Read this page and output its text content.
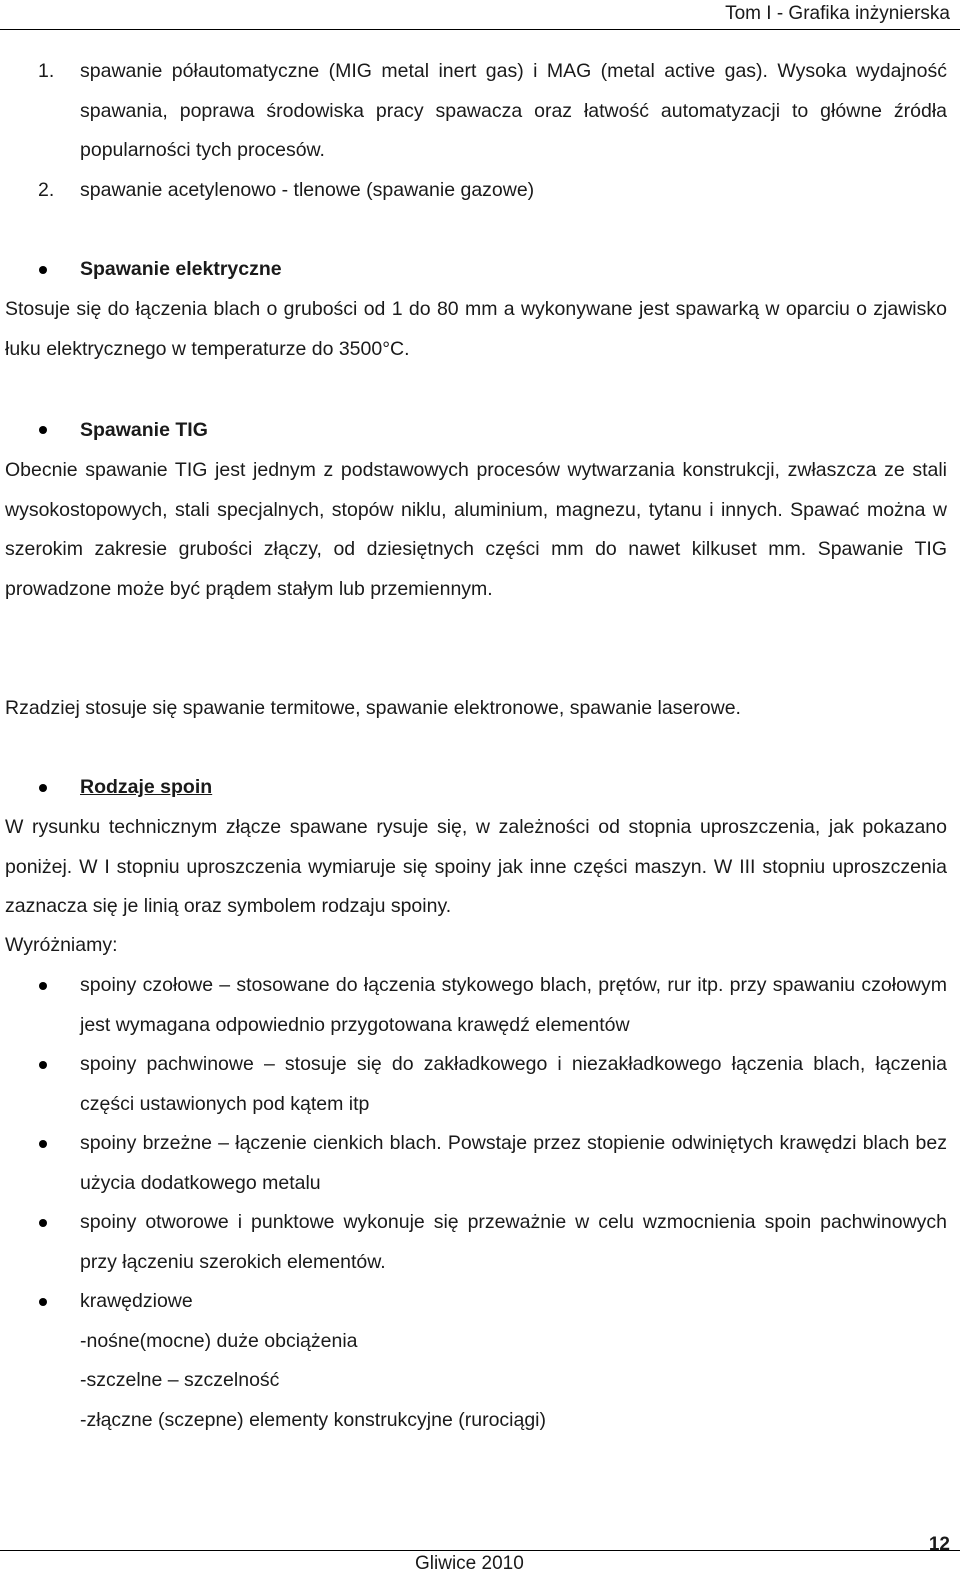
Tom I - Grafika inżynierska
1. spawanie półautomatyczne (MIG metal inert gas) i MAG (metal active gas). Wysoka wydajność spawania, poprawa środowiska pracy spawacza oraz łatwość automatyzacji to główne źródła popularności tych procesów.

2. spawanie acetylenowo - tlenowe (spawanie gazowe)

Spawanie elektryczne

Stosuje się do łączenia blach o grubości od 1 do 80 mm a wykonywane jest spawarką w oparciu o zjawisko łuku elektrycznego w temperaturze do 3500°C.

Spawanie TIG

Obecnie spawanie TIG jest jednym z podstawowych procesów wytwarzania konstrukcji, zwłaszcza ze stali wysokostopowych, stali specjalnych, stopów niklu, aluminium, magnezu, tytanu i innych. Spawać można w szerokim zakresie grubości złączy, od dziesiętnych części mm do nawet kilkuset mm. Spawanie TIG prowadzone może być prądem stałym lub przemiennym.

Rzadziej stosuje się spawanie termitowe, spawanie elektronowe, spawanie laserowe.

Rodzaje spoin

W rysunku technicznym złącze spawane rysuje się, w zależności od stopnia uproszczenia, jak pokazano poniżej. W I stopniu uproszczenia wymiaruje się spoiny jak inne części maszyn. W III stopniu uproszczenia zaznacza się je linią oraz symbolem rodzaju spoiny.

Wyróżniamy:

spoiny czołowe – stosowane do łączenia stykowego blach, prętów, rur itp. przy spawaniu czołowym jest wymagana odpowiednio przygotowana krawędź elementów

spoiny pachwinowe – stosuje się do zakładkowego i niezakładkowego łączenia blach, łączenia części ustawionych pod kątem itp

spoiny brzeżne – łączenie cienkich blach. Powstaje przez stopienie odwiniętych krawędzi blach bez użycia dodatkowego metalu

spoiny otworowe i punktowe wykonuje się przeważnie w celu wzmocnienia spoin pachwinowych przy łączeniu szerokich elementów.

krawędziowe

-nośne(mocne) duże obciążenia

-szczelne – szczelność

-złączne (sczepne) elementy konstrukcyjne (rurociągi)

Gliwice 2010
12
